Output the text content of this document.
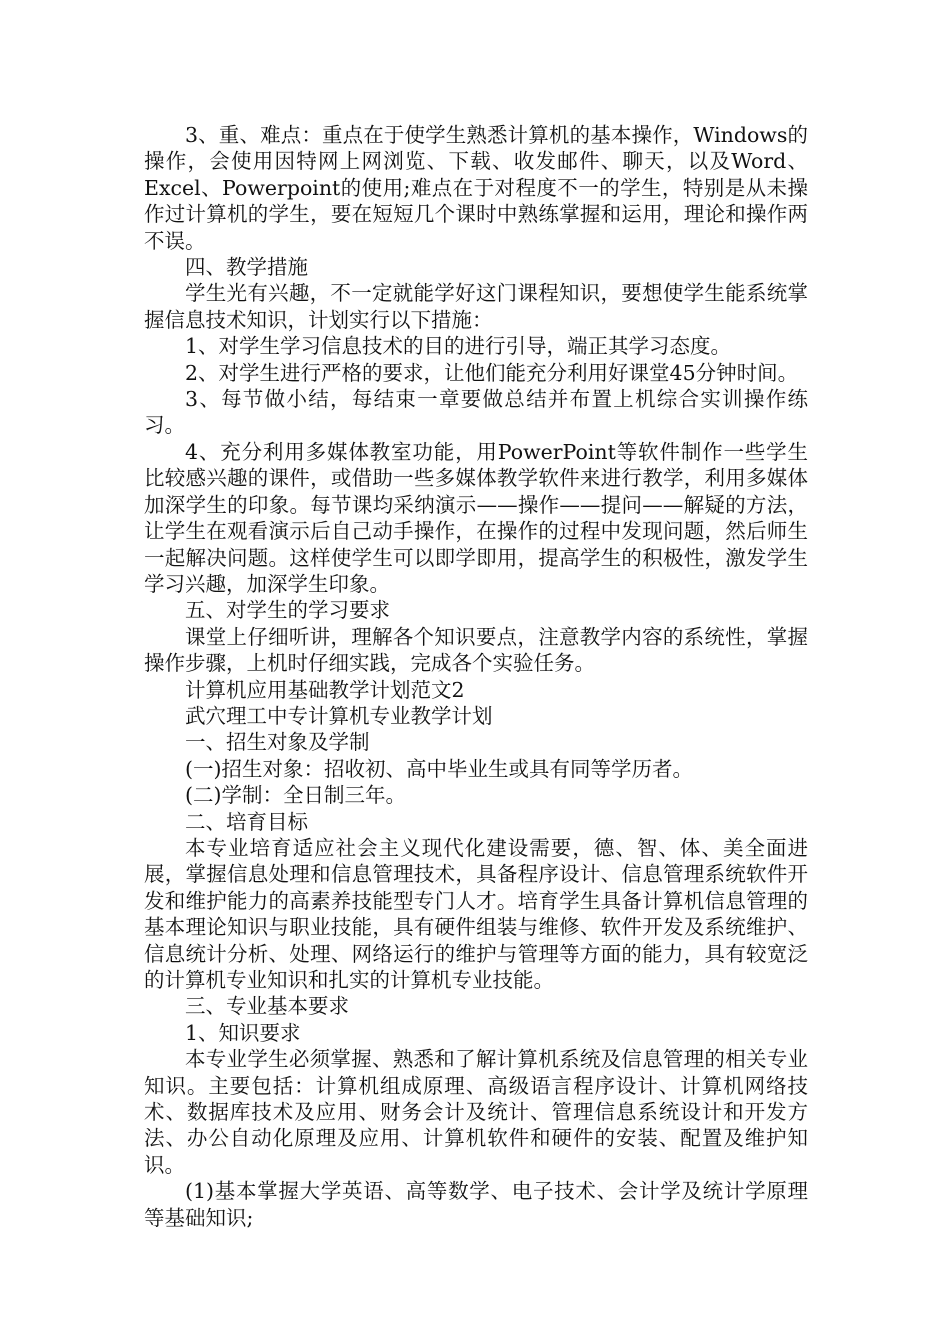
3、重、难点：重点在于使学生熟悉计算机的基本操作，Windows的操作，会使用因特网上网浏览、下载、收发邮件、聊天，以及Word、Excel、Powerpoint的使用;难点在于对程度不一的学生，特别是从未操作过计算机的学生，要在短短几个课时中熟练掌握和运用，理论和操作两不误。

四、教学措施

学生光有兴趣，不一定就能学好这门课程知识，要想使学生能系统掌握信息技术知识，计划实行以下措施：

1、对学生学习信息技术的目的进行引导，端正其学习态度。

2、对学生进行严格的要求，让他们能充分利用好课堂45分钟时间。

3、每节做小结，每结束一章要做总结并布置上机综合实训操作练习。

4、充分利用多媒体教室功能，用PowerPoint等软件制作一些学生比较感兴趣的课件，或借助一些多媒体教学软件来进行教学，利用多媒体加深学生的印象。每节课均采纳演示——操作——提问——解疑的方法，让学生在观看演示后自己动手操作，在操作的过程中发现问题，然后师生一起解决问题。这样使学生可以即学即用，提高学生的积极性，激发学生学习兴趣，加深学生印象。

五、对学生的学习要求

课堂上仔细听讲，理解各个知识要点，注意教学内容的系统性，掌握操作步骤，上机时仔细实践，完成各个实验任务。

计算机应用基础教学计划范文2

武穴理工中专计算机专业教学计划

一、招生对象及学制

(一)招生对象：招收初、高中毕业生或具有同等学历者。

(二)学制：全日制三年。

二、培育目标

本专业培育适应社会主义现代化建设需要，德、智、体、美全面进展，掌握信息处理和信息管理技术，具备程序设计、信息管理系统软件开发和维护能力的高素养技能型专门人才。培育学生具备计算机信息管理的基本理论知识与职业技能，具有硬件组装与维修、软件开发及系统维护、信息统计分析、处理、网络运行的维护与管理等方面的能力，具有较宽泛的计算机专业知识和扎实的计算机专业技能。

三、专业基本要求

1、知识要求

本专业学生必须掌握、熟悉和了解计算机系统及信息管理的相关专业知识。主要包括：计算机组成原理、高级语言程序设计、计算机网络技术、数据库技术及应用、财务会计及统计、管理信息系统设计和开发方法、办公自动化原理及应用、计算机软件和硬件的安装、配置及维护知识。

(1)基本掌握大学英语、高等数学、电子技术、会计学及统计学原理等基础知识;
